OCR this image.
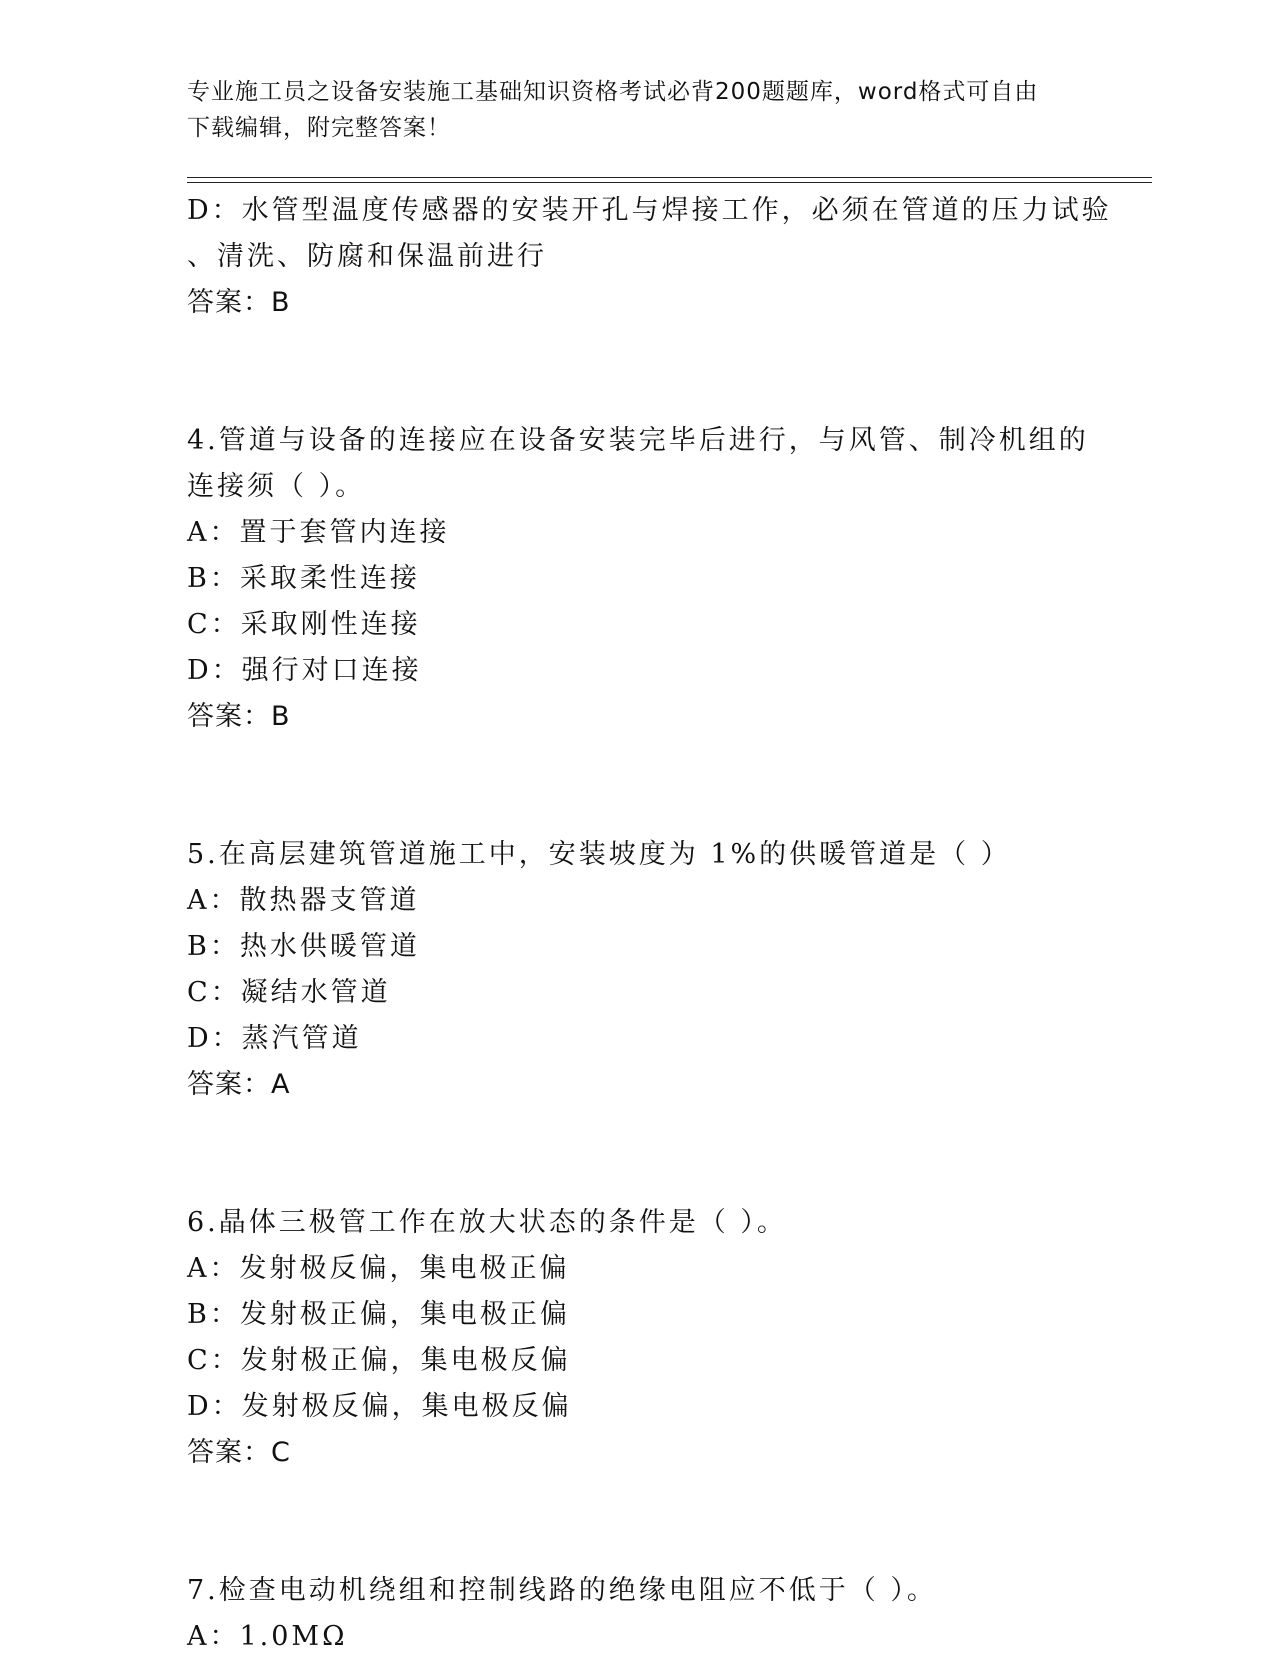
专业施工员之设备安装施工基础知识资格考试必背200题题库，word格式可自由
下载编辑，附完整答案！
D：水管型温度传感器的安装开孔与焊接工作，必须在管道的压力试验
、清洗、防腐和保温前进行
答案：B
4.管道与设备的连接应在设备安装完毕后进行，与风管、制冷机组的
连接须（ ）。
A：置于套管内连接
B：采取柔性连接
C：采取刚性连接
D：强行对口连接
答案：B
5.在高层建筑管道施工中，安装坡度为 1%的供暖管道是（ ）
A：散热器支管道
B：热水供暖管道
C：凝结水管道
D：蒸汽管道
答案：A
6.晶体三极管工作在放大状态的条件是（ ）。
A：发射极反偏，集电极正偏
B：发射极正偏，集电极正偏
C：发射极正偏，集电极反偏
D：发射极反偏，集电极反偏
答案：C
7.检查电动机绕组和控制线路的绝缘电阻应不低于（ ）。
A：1.0MΩ
